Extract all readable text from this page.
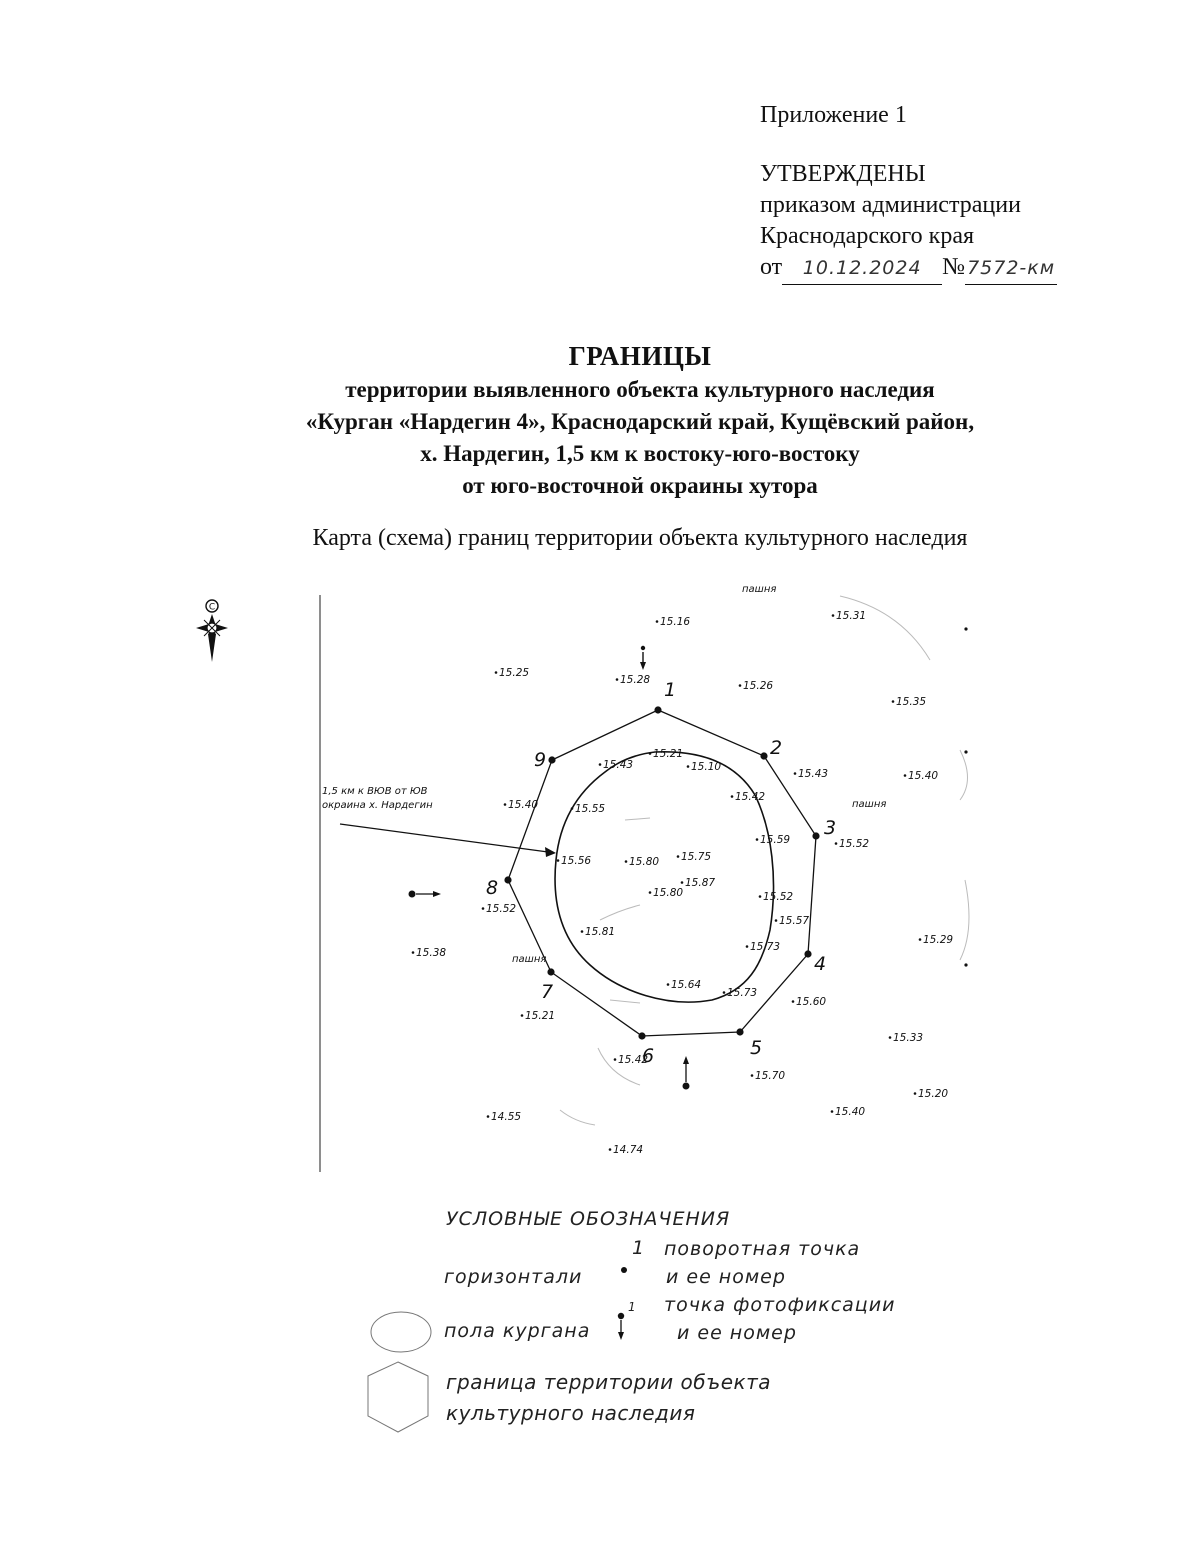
Приложение 1
УТВЕРЖДЕНЫ
приказом администрации
Краснодарского края
от 10.12.2024 № 7572-км
ГРАНИЦЫ
территории выявленного объекта культурного наследия
«Курган «Нардегин 4», Краснодарский край, Кущёвский район,
х. Нардегин, 1,5 км к востоку-юго-востоку
от юго-восточной окраины хутора
Карта (схема) границ территории объекта культурного наследия
пашня
пашня
пашня
С
1
2
3
4
5
6
7
8
9
1,5 км к ВЮВ от ЮВ
окраина х. Нардегин
15.16	15.31
15.25
15.28	15.26
15.35
15.21
15.43	15.10
15.43	15.40
15.42
15.40	15.55
15.59	15.52
15.56	15.80 15.75
15.87
15.80	15.52
15.52
15.57
15.81
15.73
15.29
15.38
15.64
15.73
15.60
15.21
15.33
15.42
15.70
15.20
14.55	15.40
14.74
УСЛОВНЫЕ ОБОЗНАЧЕНИЯ
1 поворотная точка
горизонтали	и ее номер
1 точка фотофиксации
пола кургана	и ее номер
граница территории объекта
культурного наследия
